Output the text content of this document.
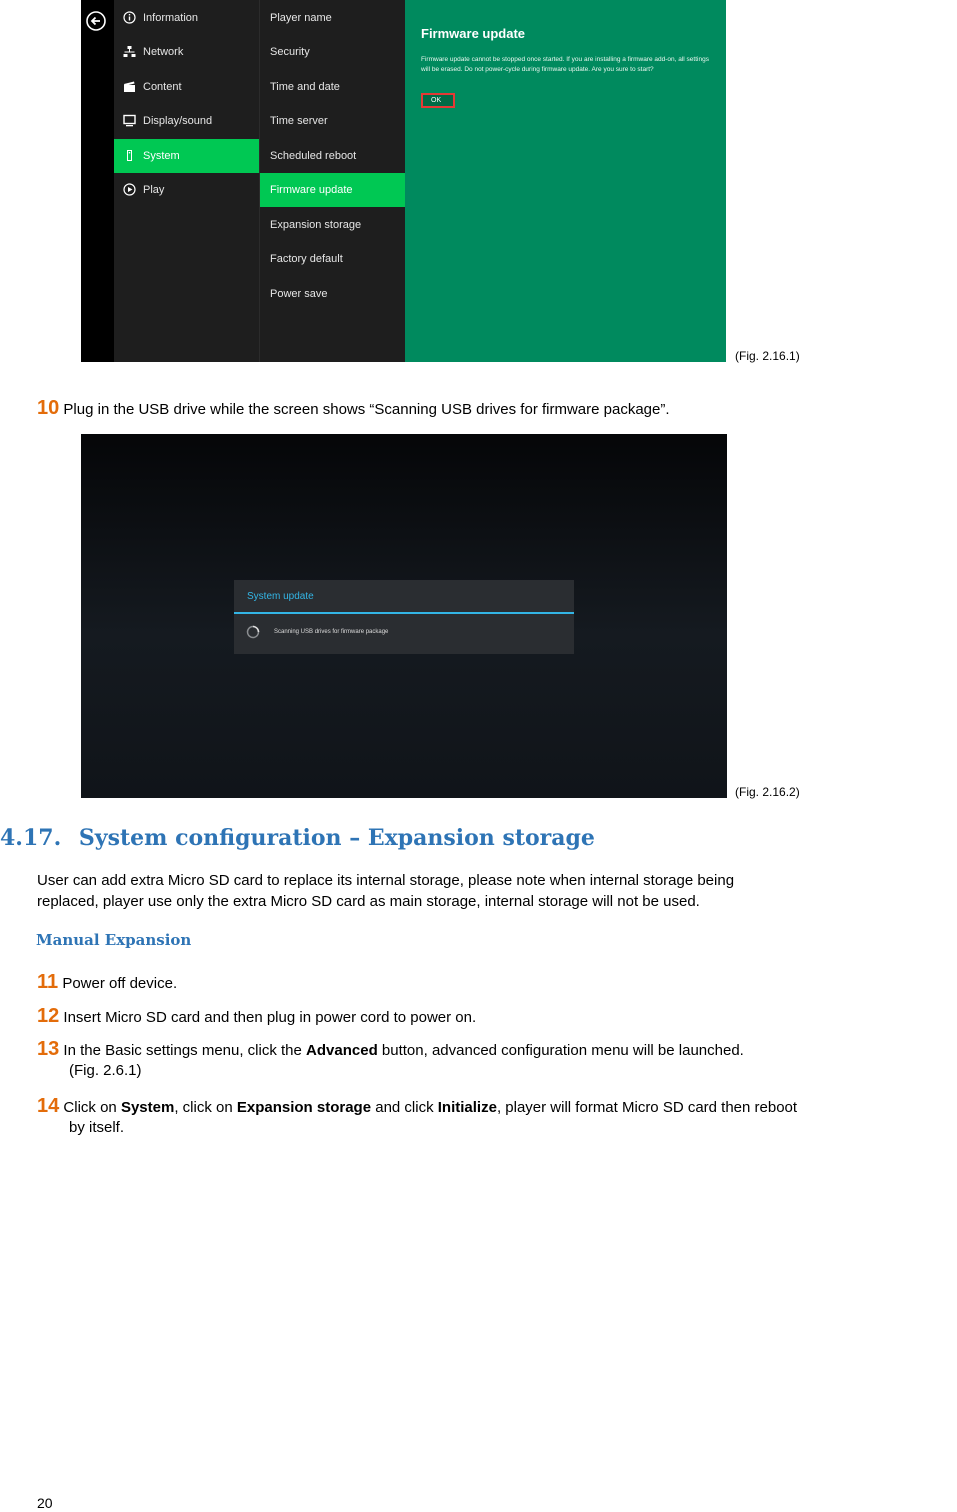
Information
Network
Content
Display/sound
System
Play
Player name
Security
Time and date
Time server
Scheduled reboot
Firmware update
Expansion storage
Factory default
Power save
Firmware update
Firmware update cannot be stopped once started. If you are installing a firmware add-on, all settings will be erased. Do not power-cycle during firmware update. Are you sure to start?
OK
(Fig. 2.16.1)
10 Plug in the USB drive while the screen shows “Scanning USB drives for firmware package”.
System update
Scanning USB drives for firmware package
(Fig. 2.16.2)
4.17. System configuration – Expansion storage
User can add extra Micro SD card to replace its internal storage, please note when internal storage being
replaced, player use only the extra Micro SD card as main storage, internal storage will not be used.
Manual Expansion
11 Power off device.
12 Insert Micro SD card and then plug in power cord to power on.
13 In the Basic settings menu, click the Advanced button, advanced configuration menu will be launched.
(Fig. 2.6.1)
14 Click on System, click on Expansion storage and click Initialize, player will format Micro SD card then reboot
by itself.
20
